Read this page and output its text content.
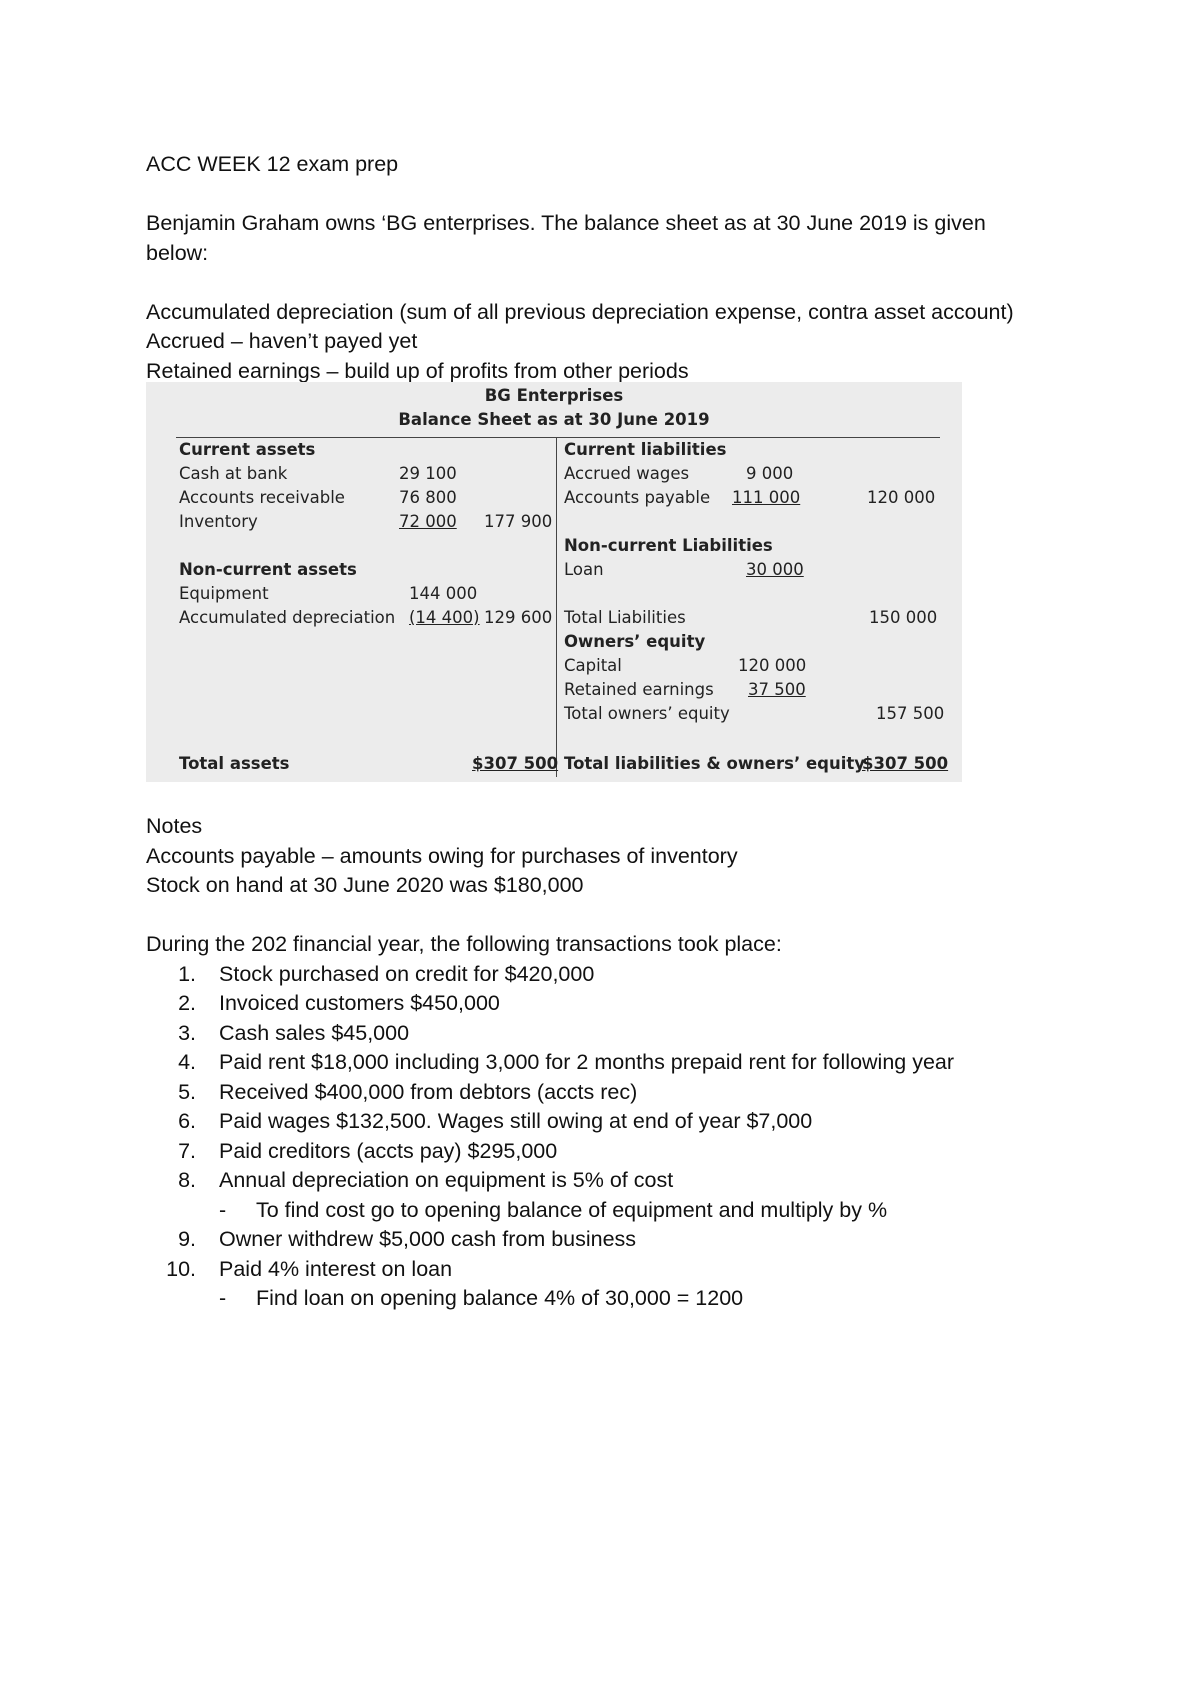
ACC WEEK 12 exam prep
Benjamin Graham owns ‘BG enterprises. The balance sheet as at 30 June 2019 is given
below:
Accumulated depreciation (sum of all previous depreciation expense, contra asset account)
Accrued – haven’t payed yet
Retained earnings – build up of profits from other periods
BG Enterprises
Balance Sheet as at 30 June 2019
Current assets
Cash at bank	29 100
Accounts receivable	76 800
Inventory	72 000 177 900
Non-current assets
Equipment	144 000
Accumulated depreciation (14 400) 129 600
Total assets	$307 500
Current liabilities
Accrued wages	9 000
Accounts payable 111 000	120 000
Non-current Liabilities
Loan	30 000
Total Liabilities	150 000
Owners’ equity
Capital	120 000
Retained earnings 37 500
Total owners’ equity	157 500
Total liabilities & owners’ equity
$307 500
Notes
Accounts payable – amounts owing for purchases of inventory
Stock on hand at 30 June 2020 was $180,000
During the 202 financial year, the following transactions took place:
1. Stock purchased on credit for $420,000
2. Invoiced customers $450,000
3. Cash sales $45,000
4. Paid rent $18,000 including 3,000 for 2 months prepaid rent for following year
5. Received $400,000 from debtors (accts rec)
6. Paid wages $132,500. Wages still owing at end of year $7,000
7. Paid creditors (accts pay) $295,000
8. Annual depreciation on equipment is 5% of cost
- To find cost go to opening balance of equipment and multiply by %
9. Owner withdrew $5,000 cash from business
10. Paid 4% interest on loan
- Find loan on opening balance 4% of 30,000 = 1200
